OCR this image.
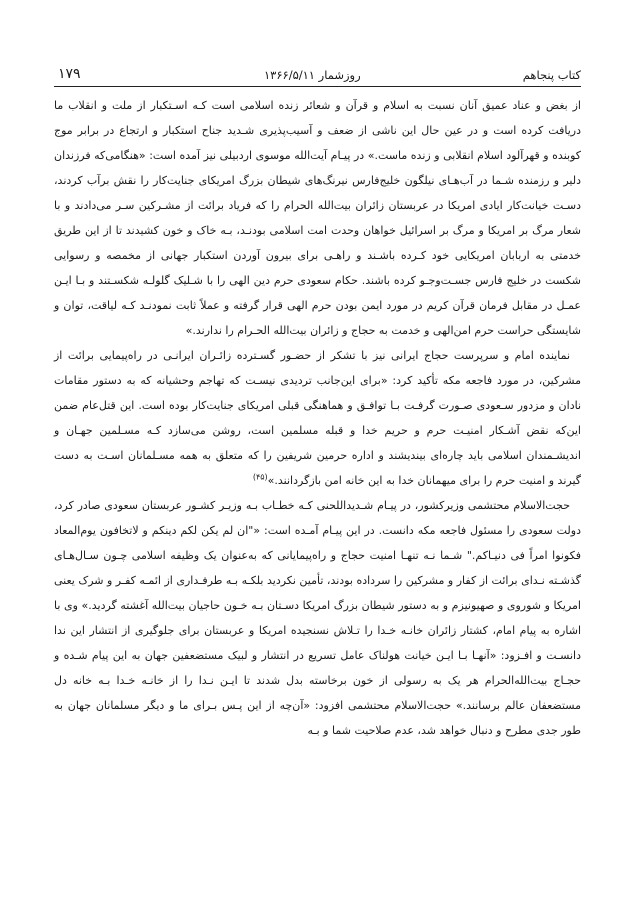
کتاب پنجاهم
روزشمار ۱۳۶۶/۵/۱۱
۱۷۹

از بغض و عناد عمیق آنان نسبت به اسلام و قرآن و شعائر زنده اسلامی است کـه اسـتکبار از ملت و انقلاب ما دریافت کرده است و در عین حال این ناشی از ضعف و آسیب‌پذیری شـدید جناح استکبار و ارتجاع در برابر موج کوبنده و قهرآلود اسلام انقلابی و زنده ماست.» در پیـام آیت‌الله موسوی اردبیلی نیز آمده است: «هنگامی‌که فرزندان دلیر و رزمنده شـما در آب‌هـای نیلگون خلیج‌فارس نیرنگ‌های شیطان بزرگ امریکای جنایت‌کار را نقش برآب کردند، دسـت خیانت‌کار ایادی امریکا در عربستان زائران بیت‌الله الحرام را که فریاد برائت از مشـرکین سـر می‌دادند و با شعار مرگ بر امریکا و مرگ بر اسرائیل خواهان وحدت امت اسلامی بودنـد، بـه خاک و خون کشیدند تا از این طریق خدمتی به اربابان امریکایی خود کـرده باشـند و راهـی برای بیرون آوردن استکبار جهانی از مخمصه و رسوایی شکست در خلیج فارس جسـت‌وجـو کرده باشند. حکام سعودی حرم دین الهی را با شـلیک گلولـه شکسـتند و بـا ایـن عمـل در مقابل فرمان قرآن کریم در مورد ایمن بودن حرم الهی قرار گرفته و عملاً ثابت نمودنـد کـه لیاقت، توان و شایستگی حراست حرم امن‌الهی و خدمت به حجاج و زائران بیت‌الله الحـرام را ندارند.»

نماینده امام و سرپرست حجاج ایرانی نیز با تشکر از حضـور گسـترده زائـران ایرانـی در راه‌پیمایی برائت از مشرکین، در مورد فاجعه مکه تأکید کرد: «برای این‌جانب تردیدی نیسـت که تهاجم وحشیانه که به دستور مقامات نادان و مزدور سـعودی صـورت گرفـت بـا توافـق و هماهنگی قبلی امریکای جنایت‌کار بوده است. این قتل‌عام ضمن این‌که نقض آشـکار امنیـت حرم و حریم خدا و قبله مسلمین است، روشن می‌سازد کـه مسـلمین جهـان و اندیشـمندان اسلامی باید چاره‌ای بیندیشند و اداره حرمین شریفین را که متعلق به همه مسـلمانان اسـت به دست گیرند و امنیت حرم را برای میهمانان خدا به این خانه امن بازگردانند.»$^{(۴۵)}$

حجت‌الاسلام محتشمی وزیرکشور، در پیـام شـدیداللحنی کـه خطـاب بـه وزیـر کشـور عربستان سعودی صادر کرد، دولت سعودی را مسئول فاجعه مکه دانست. در این پیـام آمـده است: «"ان لم یکن لکم دینکم و لاتخافون یوم‌المعاد فکونوا امراً فی دنیـاکم." شـما نـه تنهـا امنیت حجاج و راه‌پیمایانی که به‌عنوان یک وظیفه اسلامی چـون سـال‌هـای گذشـته نـدای برائت از کفار و مشرکین را سرداده بودند، تأمین نکردید بلکـه بـه طرفـداری از ائمـه کفـر و شرک یعنی امریکا و شوروی و صهیونیزم و به دستور شیطان بزرگ امریکا دسـتان بـه خـون حاجیان بیت‌الله آغشته گردید.» وی با اشاره به پیام امام، کشتار زائران خانـه خـدا را تـلاش نسنجیده امریکا و عربستان برای جلوگیری از انتشار این ندا دانسـت و افـزود: «آنهـا بـا ایـن خیانت هولناک عامل تسریع در انتشار و لبیک مستضعفین جهان به این پیام شـده و حجـاج بیت‌الله‌الحرام هر یک به رسولی از خون برخاسته بدل شدند تا ایـن نـدا را از خانـه خـدا بـه خانه دل مستضعفان عالم برسانند.» حجت‌الاسلام محتشمی افزود: «آن‌چه از این پـس بـرای ما و دیگر مسلمانان جهان به طور جدی مطرح و دنبال خواهد شد، عدم صلاحیت شما و بـه
